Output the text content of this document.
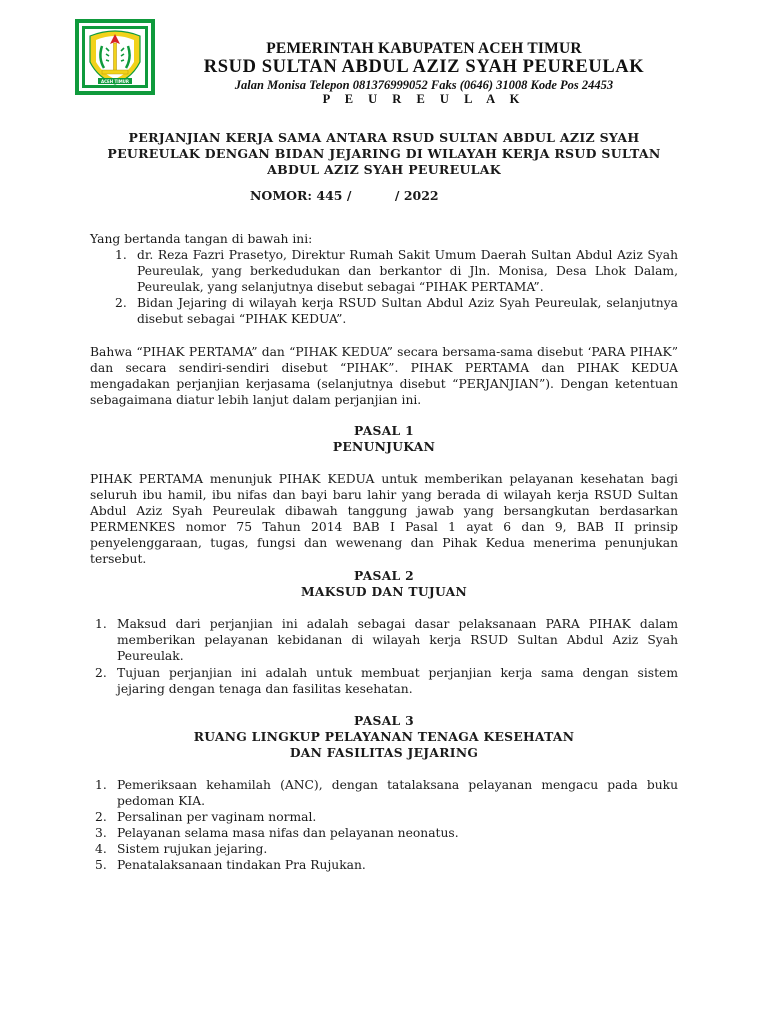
ACEH TIMUR
PEMERINTAH KABUPATEN ACEH TIMUR
RSUD SULTAN ABDUL AZIZ SYAH PEUREULAK
Jalan Monisa Telepon 081376999052 Faks (0646) 31008 Kode Pos 24453
P E U R E U L A K
PERJANJIAN KERJA SAMA ANTARA RSUD SULTAN ABDUL AZIZ SYAH
PEUREULAK DENGAN BIDAN JEJARING DI WILAYAH KERJA RSUD SULTAN
ABDUL AZIZ SYAH PEUREULAK
NOMOR: 445 /          / 2022
Yang bertanda tangan di bawah ini:
1. dr. Reza Fazri Prasetyo, Direktur Rumah Sakit Umum Daerah Sultan Abdul Aziz Syah Peureulak, yang berkedudukan dan berkantor di Jln. Monisa, Desa Lhok Dalam, Peureulak, yang selanjutnya disebut sebagai “PIHAK PERTAMA”.
2. Bidan Jejaring di wilayah kerja RSUD Sultan Abdul Aziz Syah Peureulak, selanjutnya disebut sebagai “PIHAK KEDUA”.
Bahwa “PIHAK PERTAMA” dan “PIHAK KEDUA” secara bersama-sama disebut ‘PARA PIHAK” dan secara sendiri-sendiri disebut “PIHAK”. PIHAK PERTAMA dan PIHAK KEDUA mengadakan perjanjian kerjasama (selanjutnya disebut “PERJANJIAN”). Dengan ketentuan sebagaimana diatur lebih lanjut dalam perjanjian ini.
PASAL 1
PENUNJUKAN
PIHAK PERTAMA menunjuk PIHAK KEDUA untuk memberikan pelayanan kesehatan bagi seluruh ibu hamil, ibu nifas dan bayi baru lahir yang berada di wilayah kerja RSUD Sultan Abdul Aziz Syah Peureulak dibawah tanggung jawab yang bersangkutan berdasarkan PERMENKES nomor 75 Tahun 2014 BAB I Pasal 1 ayat 6 dan 9, BAB II prinsip penyelenggaraan, tugas, fungsi dan wewenang dan Pihak Kedua menerima penunjukan tersebut.
PASAL 2
MAKSUD DAN TUJUAN
1. Maksud dari perjanjian ini adalah sebagai dasar pelaksanaan PARA PIHAK dalam memberikan pelayanan kebidanan di wilayah kerja RSUD Sultan Abdul Aziz Syah Peureulak.
2. Tujuan perjanjian ini adalah untuk membuat perjanjian kerja sama dengan sistem jejaring dengan tenaga dan fasilitas kesehatan.
PASAL 3
RUANG LINGKUP PELAYANAN TENAGA KESEHATAN
DAN FASILITAS JEJARING
1. Pemeriksaan kehamilah (ANC), dengan tatalaksana pelayanan mengacu pada buku pedoman KIA.
2. Persalinan per vaginam normal.
3. Pelayanan selama masa nifas dan pelayanan neonatus.
4. Sistem rujukan jejaring.
5. Penatalaksanaan tindakan Pra Rujukan.
